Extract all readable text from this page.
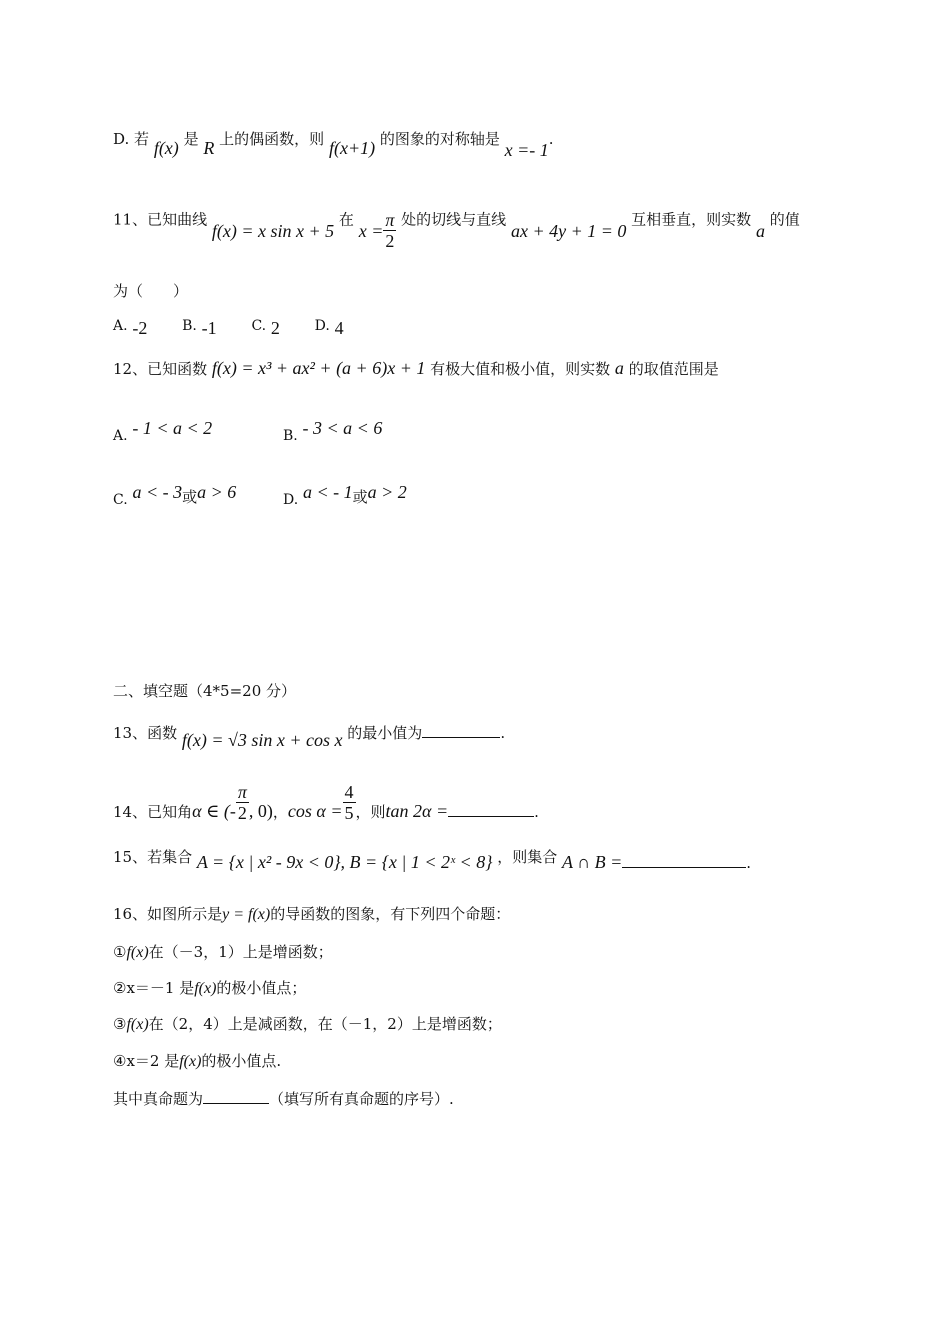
D. 若 f(x) 是 R 上的偶函数，则 f(x+1) 的图象的对称轴是 x =- 1.
11、已知曲线 f(x) = x sin x + 5 在 $x = \frac{\pi}{2}$ 处的切线与直线 ax + 4y + 1 = 0 互相垂直，则实数 a 的值
为（　　）
A. -2 B. -1 C. 2 D. 4
12、已知函数 f(x) = x³ + ax² + (a + 6)x + 1 有极大值和极小值，则实数 a 的取值范围是
A. - 1 < a < 2	B. - 3 < a < 6
C. a < - 3或a > 6	D. a < - 1或a > 2
二、填空题（4*5=20 分）
13、函数 f(x) = √3 sin x + cos x 的最小值为	.
14、已知角α ∈ (- $\frac{\pi}{2}$ , 0)，$\cos \alpha = \frac{4}{5}$ ，则tan 2α =	.
15、若集合 A = {x | x² - 9x < 0}, B = {x | 1 < 2ˣ < 8} ，则集合 A ∩ B =	.
16、如图所示是y = f(x)的导函数的图象，有下列四个命题：
①f(x)在（－3，1）上是增函数；
②x＝－1 是f(x)的极小值点；
③f(x)在（2，4）上是减函数，在（－1，2）上是增函数；
④x＝2 是f(x)的极小值点.
其中真命题为	（填写所有真命题的序号）.
